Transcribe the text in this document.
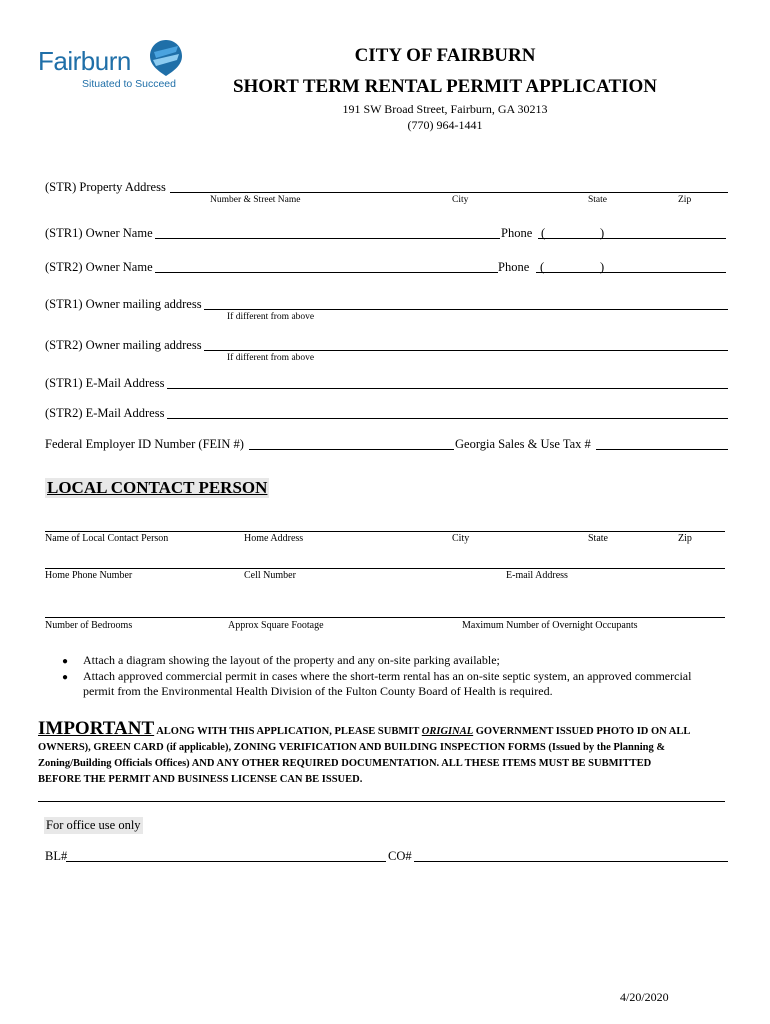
Fairburn
Situated to Succeed
CITY OF FAIRBURN
SHORT TERM RENTAL PERMIT APPLICATION
191 SW Broad Street, Fairburn, GA 30213
(770) 964-1441
(STR) Property Address
Number & Street Name	City	State	Zip
(STR1) Owner Name	Phone (	)
(STR2) Owner Name	Phone (	)
(STR1) Owner mailing address
If different from above
(STR2) Owner mailing address
If different from above
(STR1) E-Mail Address
(STR2) E-Mail Address
Federal Employer ID Number (FEIN #)	Georgia Sales & Use Tax #
LOCAL CONTACT PERSON
Name of Local Contact Person	Home Address	City	State	Zip
Home Phone Number	Cell Number	E-mail Address
Number of Bedrooms	Approx Square Footage	Maximum Number of Overnight Occupants
● Attach a diagram showing the layout of the property and any on-site parking available;
● Attach approved commercial permit in cases where the short-term rental has an on-site septic system, an approved commercial
permit from the Environmental Health Division of the Fulton County Board of Health is required.
IMPORTANT ALONG WITH THIS APPLICATION, PLEASE SUBMIT ORIGINAL GOVERNMENT ISSUED PHOTO ID ON ALL
OWNERS), GREEN CARD (if applicable), ZONING VERIFICATION AND BUILDING INSPECTION FORMS (Issued by the Planning &
Zoning/Building Officials Offices) AND ANY OTHER REQUIRED DOCUMENTATION. ALL THESE ITEMS MUST BE SUBMITTED
BEFORE THE PERMIT AND BUSINESS LICENSE CAN BE ISSUED.
For office use only
BL#	CO#
4/20/2020
